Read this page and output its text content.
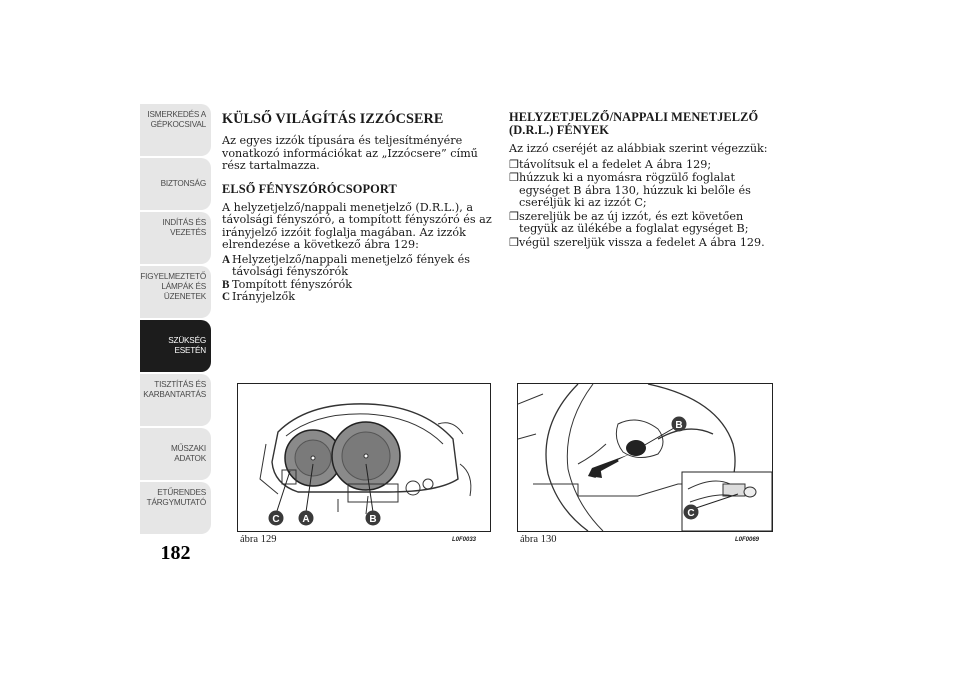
ISMERKEDÉS A
GÉPKOCSIVAL
BIZTONSÁG
INDÍTÁS ÉS
VEZETÉS
FIGYELMEZTETŐ
LÁMPÁK ÉS
ÜZENETEK
SZÜKSÉG ESETÉN
TISZTÍTÁS ÉS
KARBANTARTÁS
MŰSZAKI ADATOK
ETŰRENDES
TÁRGYMUTATÓ
182
KÜLSŐ VILÁGÍTÁS IZZÓCSERE

Az egyes izzók típusára és teljesítményére vonatkozó információkat az „Izzócsere” című rész tartalmazza.

ELSŐ FÉNYSZÓRÓCSOPORT

A helyzetjelző/nappali menetjelző (D.R.L.), a távolsági fényszóró, a tompított fényszóró és az irányjelző izzóit foglalja magában. Az izzók elrendezése a következő ábra 129:

A Helyzetjelző/nappali menetjelző fények és távolsági fényszórók
B Tompított fényszórók
C Irányjelzők
HELYZETJELZŐ/NAPPALI MENETJELZŐ (D.R.L.) FÉNYEK

Az izzó cseréjét az alábbiak szerint végezzük:

❒ távolítsuk el a fedelet A ábra 129;
❒ húzzuk ki a nyomásra rögzülő foglalat egységet B ábra 130, húzzuk ki belőle és cseréljük ki az izzót C;
❒ szereljük be az új izzót, és ezt követően tegyük az ülékébe a foglalat egységet B;
❒ végül szereljük vissza a fedelet A ábra 129.
C A	B
ábra 129	L0F0033
B
C
ábra 130	L0F0069
